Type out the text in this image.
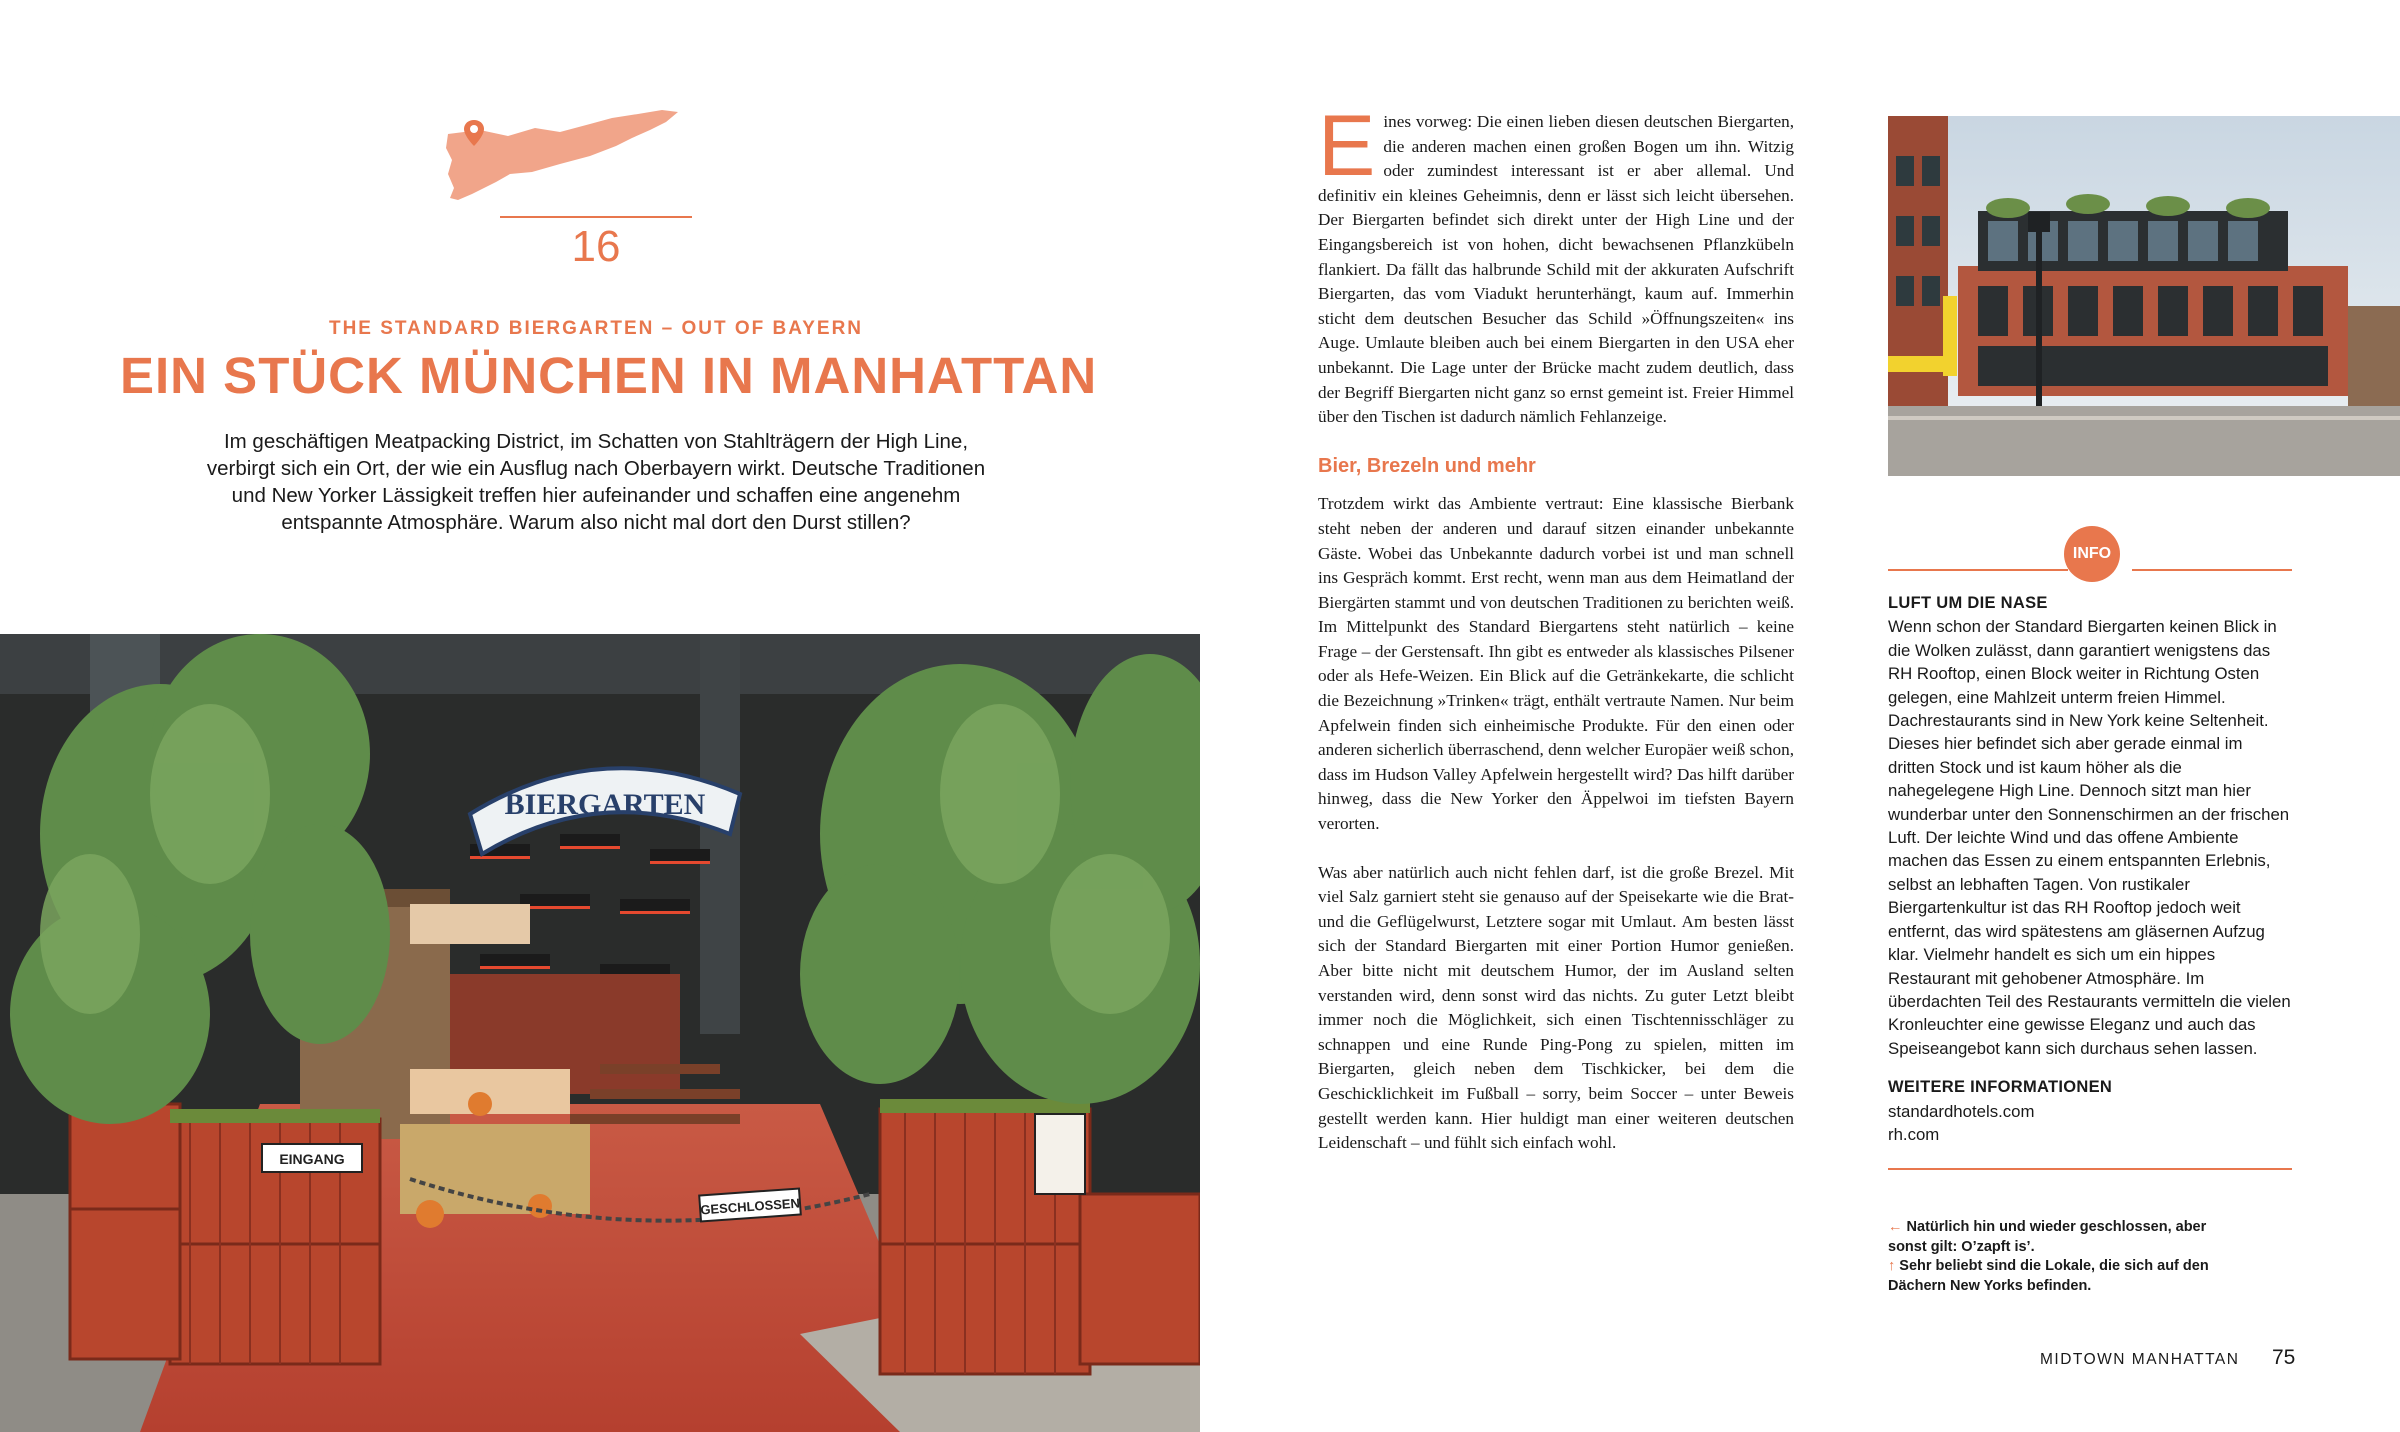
16
THE STANDARD BIERGARTEN – OUT OF BAYERN
EIN STÜCK MÜNCHEN IN MANHATTAN
Im geschäftigen Meatpacking District, im Schatten von Stahlträgern der High Line, verbirgt sich ein Ort, der wie ein Ausflug nach Oberbayern wirkt. Deutsche Traditionen und New Yorker Lässigkeit treffen hier aufeinander und schaffen eine angenehm entspannte Atmosphäre. Warum also nicht mal dort den Durst stillen?
BIERGARTEN
EINGANG
GESCHLOSSEN

Eines vorweg: Die einen lieben diesen deutschen Biergarten, die anderen machen einen großen Bogen um ihn. Witzig oder zumindest interessant ist er aber allemal. Und definitiv ein kleines Geheimnis, denn er lässt sich leicht übersehen. Der Biergarten befindet sich direkt unter der High Line und der Eingangsbereich ist von hohen, dicht bewachsenen Pflanzkübeln flankiert. Da fällt das halbrunde Schild mit der akkuraten Aufschrift Biergarten, das vom Viadukt herunterhängt, kaum auf. Immerhin sticht dem deutschen Besucher das Schild »Öffnungszeiten« ins Auge. Umlaute bleiben auch bei einem Biergarten in den USA eher unbekannt. Die Lage unter der Brücke macht zudem deutlich, dass der Begriff Biergarten nicht ganz so ernst gemeint ist. Freier Himmel über den Tischen ist dadurch nämlich Fehlanzeige.

Bier, Brezeln und mehr

Trotzdem wirkt das Ambiente vertraut: Eine klassische Bierbank steht neben der anderen und darauf sitzen einander unbekannte Gäste. Wobei das Unbekannte dadurch vorbei ist und man schnell ins Gespräch kommt. Erst recht, wenn man aus dem Heimatland der Biergärten stammt und von deutschen Traditionen zu berichten weiß. Im Mittelpunkt des Standard Biergartens steht natürlich – keine Frage – der Gerstensaft. Ihn gibt es entweder als klassisches Pilsener oder als Hefe-Weizen. Ein Blick auf die Getränkekarte, die schlicht die Bezeichnung »Trinken« trägt, enthält vertraute Namen. Nur beim Apfelwein finden sich einheimische Produkte. Für den einen oder anderen sicherlich überraschend, denn welcher Europäer weiß schon, dass im Hudson Valley Apfelwein hergestellt wird? Das hilft darüber hinweg, dass die New Yorker den Äppelwoi im tiefsten Bayern verorten.

Was aber natürlich auch nicht fehlen darf, ist die große Brezel. Mit viel Salz garniert steht sie genauso auf der Speisekarte wie die Brat- und die Geflügelwurst, Letztere sogar mit Umlaut. Am besten lässt sich der Standard Biergarten mit einer Portion Humor genießen. Aber bitte nicht mit deutschem Humor, der im Ausland selten verstanden wird, denn sonst wird das nichts. Zu guter Letzt bleibt immer noch die Möglichkeit, sich einen Tischtennisschläger zu schnappen und eine Runde Ping-Pong zu spielen, mitten im Biergarten, gleich neben dem Tischkicker, bei dem die Geschicklichkeit im Fußball – sorry, beim Soccer – unter Beweis gestellt werden kann. Hier huldigt man einer weiteren deutschen Leidenschaft – und fühlt sich einfach wohl.

INFO

LUFT UM DIE NASE

Wenn schon der Standard Biergarten keinen Blick in die Wolken zulässt, dann garantiert wenigstens das RH Rooftop, einen Block weiter in Richtung Osten gelegen, eine Mahlzeit unterm freien Himmel. Dachrestaurants sind in New York keine Seltenheit. Dieses hier befindet sich aber gerade einmal im dritten Stock und ist kaum höher als die nahegelegene High Line. Dennoch sitzt man hier wunderbar unter den Sonnenschirmen an der frischen Luft. Der leichte Wind und das offene Ambiente machen das Essen zu einem entspannten Erlebnis, selbst an lebhaften Tagen. Von rustikaler Biergartenkultur ist das RH Rooftop jedoch weit entfernt, das wird spätestens am gläsernen Aufzug klar. Vielmehr handelt es sich um ein hippes Restaurant mit gehobener Atmosphäre. Im überdachten Teil des Restaurants vermitteln die vielen Kronleuchter eine gewisse Eleganz und auch das Speiseangebot kann sich durchaus sehen lassen.

WEITERE INFORMATIONEN

standardhotels.com
rh.com
← Natürlich hin und wieder geschlossen, aber sonst gilt: O’zapft is’.
↑ Sehr beliebt sind die Lokale, die sich auf den Dächern New Yorks befinden.
MIDTOWN MANHATTAN 75
